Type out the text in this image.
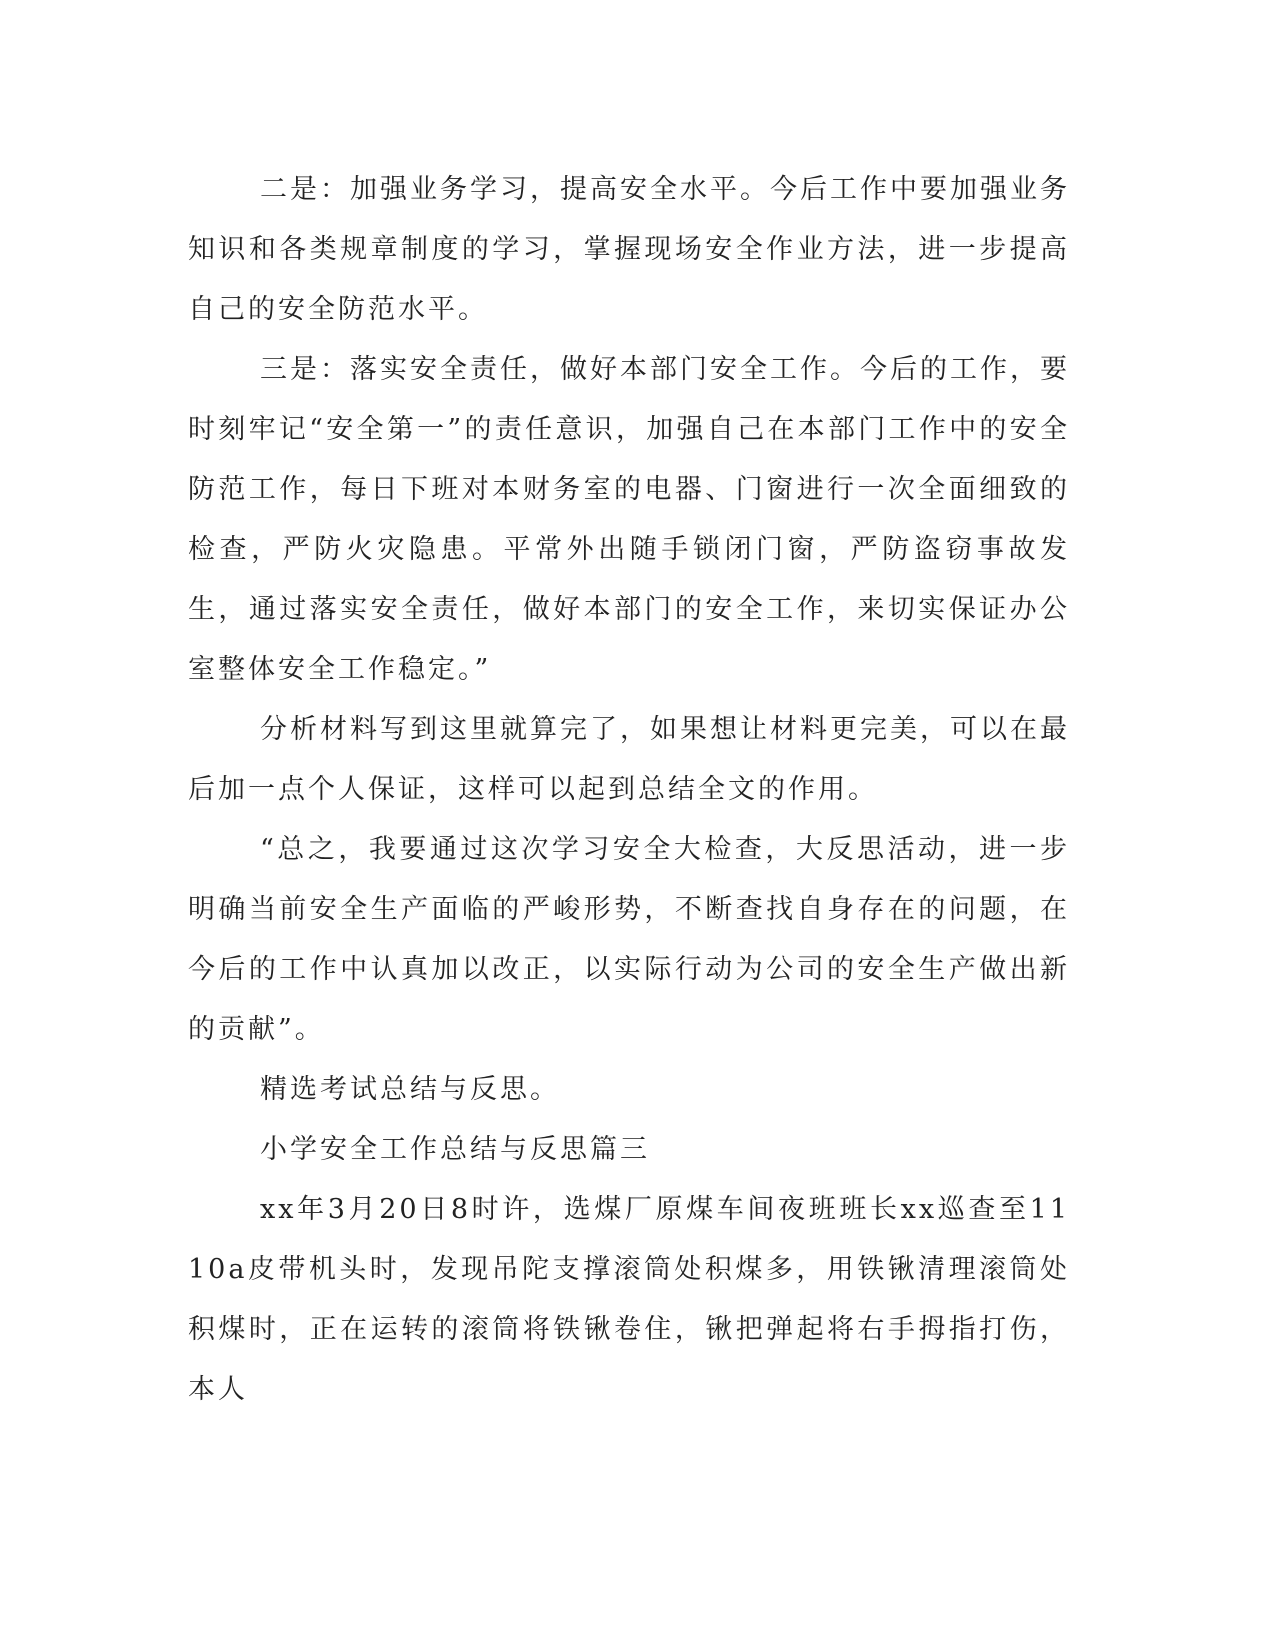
二是：加强业务学习，提高安全水平。今后工作中要加强业务知识和各类规章制度的学习，掌握现场安全作业方法，进一步提高自己的安全防范水平。

三是：落实安全责任，做好本部门安全工作。今后的工作，要时刻牢记“安全第一”的责任意识，加强自己在本部门工作中的安全防范工作，每日下班对本财务室的电器、门窗进行一次全面细致的检查，严防火灾隐患。平常外出随手锁闭门窗，严防盗窃事故发生，通过落实安全责任，做好本部门的安全工作，来切实保证办公室整体安全工作稳定。”

分析材料写到这里就算完了，如果想让材料更完美，可以在最后加一点个人保证，这样可以起到总结全文的作用。

“总之，我要通过这次学习安全大检查，大反思活动，进一步明确当前安全生产面临的严峻形势，不断查找自身存在的问题，在今后的工作中认真加以改正，以实际行动为公司的安全生产做出新的贡献”。

精选考试总结与反思。

小学安全工作总结与反思篇三

xx年3月20日8时许，选煤厂原煤车间夜班班长xx巡查至1110a皮带机头时，发现吊陀支撑滚筒处积煤多，用铁锹清理滚筒处积煤时，正在运转的滚筒将铁锹卷住，锹把弹起将右手拇指打伤，本人
